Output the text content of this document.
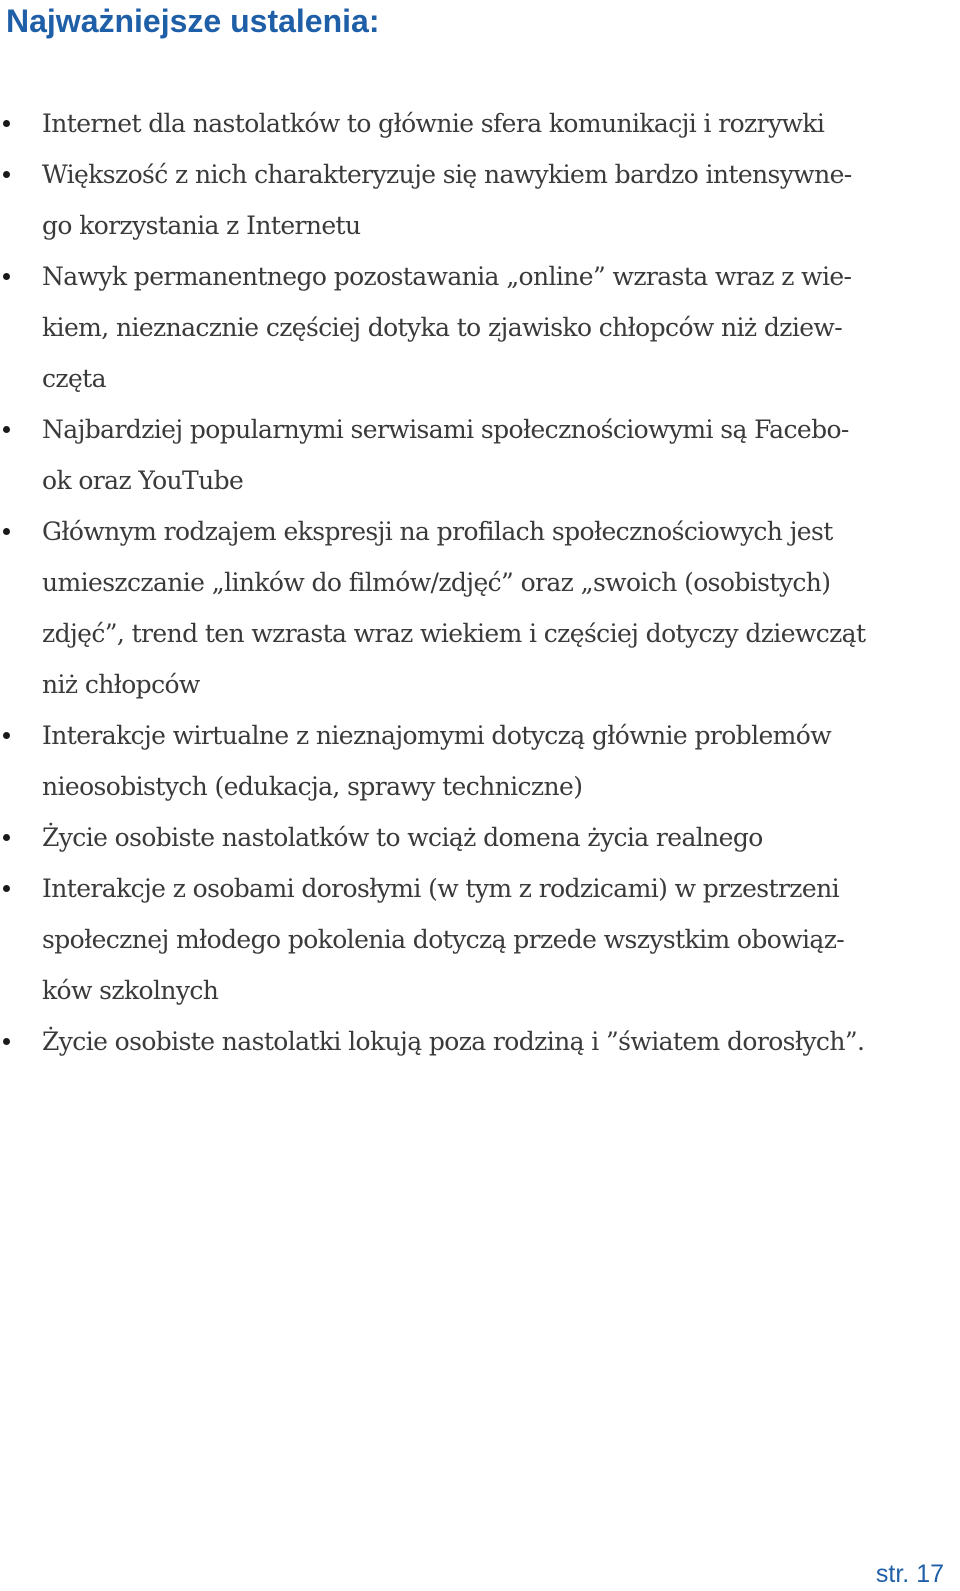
Najważniejsze ustalenia:
Internet dla nastolatków to głównie sfera komunikacji i rozrywki
Większość z nich charakteryzuje się nawykiem bardzo intensywne-
go korzystania z Internetu
Nawyk permanentnego pozostawania „online” wzrasta wraz z wie-
kiem, nieznacznie częściej dotyka to zjawisko chłopców niż dziew-
częta
Najbardziej popularnymi serwisami społecznościowymi są Facebo-
ok oraz YouTube
Głównym rodzajem ekspresji na profilach społecznościowych jest
umieszczanie „linków do filmów/zdjęć” oraz „swoich (osobistych)
zdjęć”, trend ten wzrasta wraz wiekiem i częściej dotyczy dziewcząt
niż chłopców
Interakcje wirtualne z nieznajomymi dotyczą głównie problemów
nieosobistych (edukacja, sprawy techniczne)
Życie osobiste nastolatków to wciąż domena życia realnego
Interakcje z osobami dorosłymi (w tym z rodzicami) w przestrzeni
społecznej młodego pokolenia dotyczą przede wszystkim obowiąz-
ków szkolnych
Życie osobiste nastolatki lokują poza rodziną i ”światem dorosłych”.
str. 17
